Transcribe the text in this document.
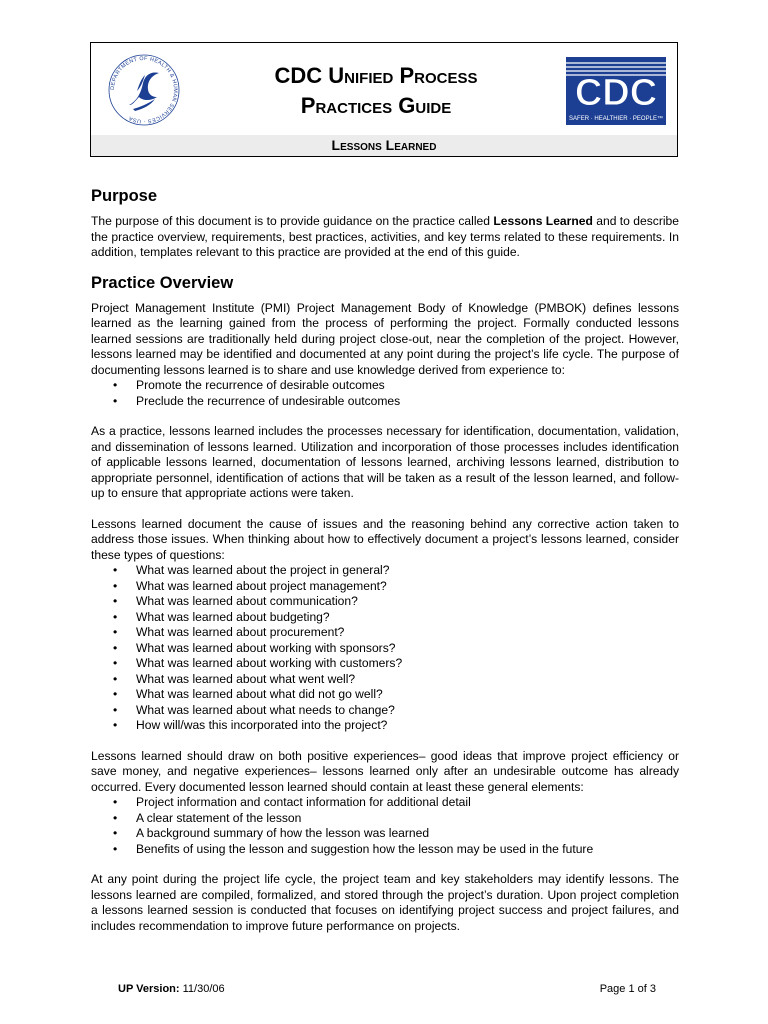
DEPARTMENT OF HEALTH & HUMAN SERVICES · USA
CDC Unified Process
Practices Guide	CDC
SAFER · HEALTHIER · PEOPLE™
Lessons Learned
Purpose

The purpose of this document is to provide guidance on the practice called Lessons Learned and to describe the practice overview, requirements, best practices, activities, and key terms related to these requirements. In addition, templates relevant to this practice are provided at the end of this guide.

Practice Overview

Project Management Institute (PMI) Project Management Body of Knowledge (PMBOK) defines lessons learned as the learning gained from the process of performing the project. Formally conducted lessons learned sessions are traditionally held during project close-out, near the completion of the project. However, lessons learned may be identified and documented at any point during the project’s life cycle. The purpose of documenting lessons learned is to share and use knowledge derived from experience to:

• Promote the recurrence of desirable outcomes
• Preclude the recurrence of undesirable outcomes

As a practice, lessons learned includes the processes necessary for identification, documentation, validation, and dissemination of lessons learned. Utilization and incorporation of those processes includes identification of applicable lessons learned, documentation of lessons learned, archiving lessons learned, distribution to appropriate personnel, identification of actions that will be taken as a result of the lesson learned, and follow-up to ensure that appropriate actions were taken.

Lessons learned document the cause of issues and the reasoning behind any corrective action taken to address those issues. When thinking about how to effectively document a project’s lessons learned, consider these types of questions:

• What was learned about the project in general?
• What was learned about project management?
• What was learned about communication?
• What was learned about budgeting?
• What was learned about procurement?
• What was learned about working with sponsors?
• What was learned about working with customers?
• What was learned about what went well?
• What was learned about what did not go well?
• What was learned about what needs to change?
• How will/was this incorporated into the project?

Lessons learned should draw on both positive experiences– good ideas that improve project efficiency or save money, and negative experiences– lessons learned only after an undesirable outcome has already occurred. Every documented lesson learned should contain at least these general elements:

• Project information and contact information for additional detail
• A clear statement of the lesson
• A background summary of how the lesson was learned
• Benefits of using the lesson and suggestion how the lesson may be used in the future

At any point during the project life cycle, the project team and key stakeholders may identify lessons. The lessons learned are compiled, formalized, and stored through the project’s duration. Upon project completion a lessons learned session is conducted that focuses on identifying project success and project failures, and includes recommendation to improve future performance on projects.

UP Version: 11/30/06	Page 1 of 3
